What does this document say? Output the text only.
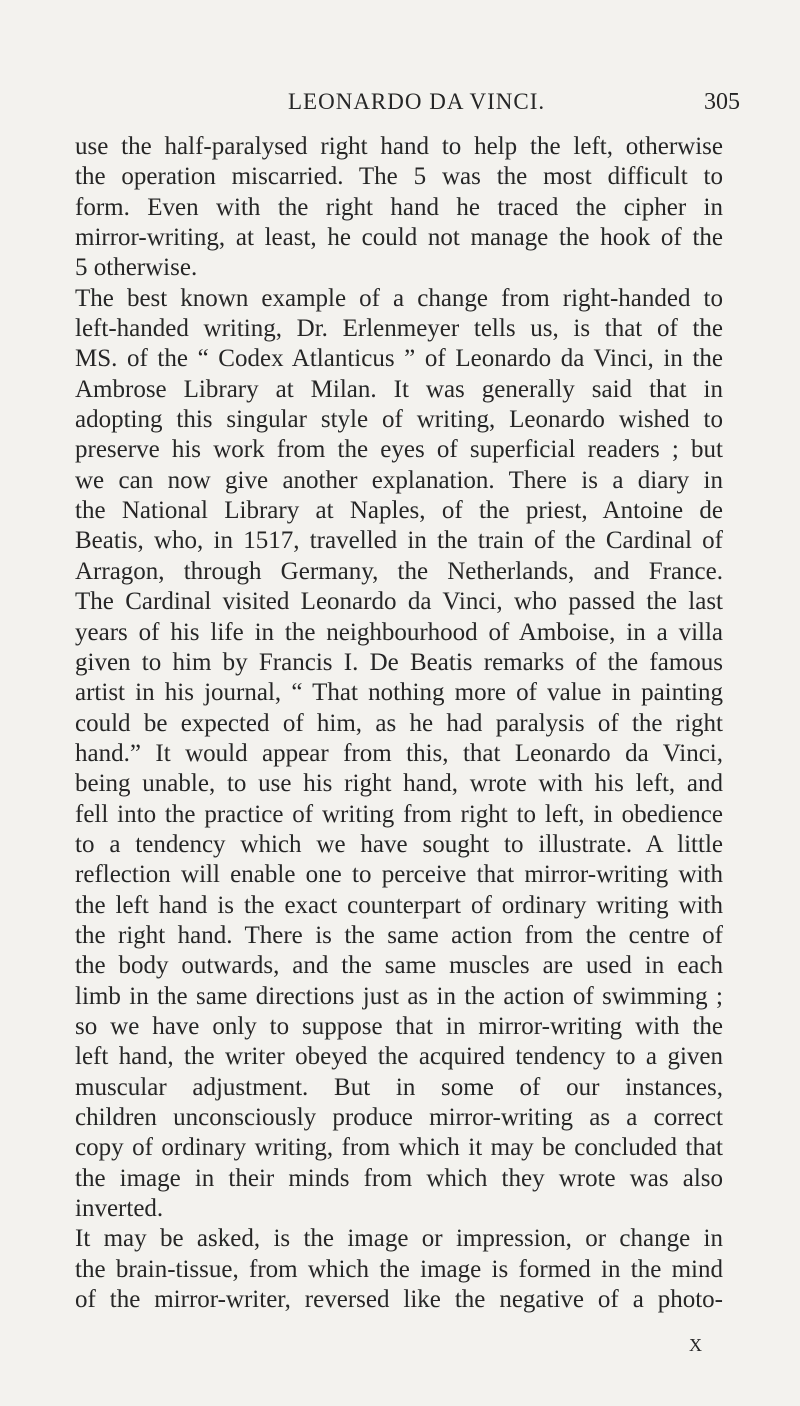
LEONARDO DA VINCI.	305
use the half-paralysed right hand to help the left, otherwise
the operation miscarried. The 5 was the most difficult to
form. Even with the right hand he traced the cipher in
mirror-writing, at least, he could not manage the hook of the
5 otherwise.
The best known example of a change from right-handed to
left-handed writing, Dr. Erlenmeyer tells us, is that of the
MS. of the “ Codex Atlanticus ” of Leonardo da Vinci, in the
Ambrose Library at Milan. It was generally said that in
adopting this singular style of writing, Leonardo wished to
preserve his work from the eyes of superficial readers ; but
we can now give another explanation. There is a diary in
the National Library at Naples, of the priest, Antoine de
Beatis, who, in 1517, travelled in the train of the Cardinal of
Arragon, through Germany, the Netherlands, and France.
The Cardinal visited Leonardo da Vinci, who passed the last
years of his life in the neighbourhood of Amboise, in a villa
given to him by Francis I. De Beatis remarks of the famous
artist in his journal, “ That nothing more of value in painting
could be expected of him, as he had paralysis of the right
hand.” It would appear from this, that Leonardo da Vinci,
being unable, to use his right hand, wrote with his left, and
fell into the practice of writing from right to left, in obedience
to a tendency which we have sought to illustrate. A little
reflection will enable one to perceive that mirror-writing with
the left hand is the exact counterpart of ordinary writing with
the right hand. There is the same action from the centre of
the body outwards, and the same muscles are used in each
limb in the same directions just as in the action of swimming ;
so we have only to suppose that in mirror-writing with the
left hand, the writer obeyed the acquired tendency to a given
muscular adjustment. But in some of our instances,
children unconsciously produce mirror-writing as a correct
copy of ordinary writing, from which it may be concluded that
the image in their minds from which they wrote was also
inverted.
It may be asked, is the image or impression, or change in
the brain-tissue, from which the image is formed in the mind
of the mirror-writer, reversed like the negative of a photo-
X
